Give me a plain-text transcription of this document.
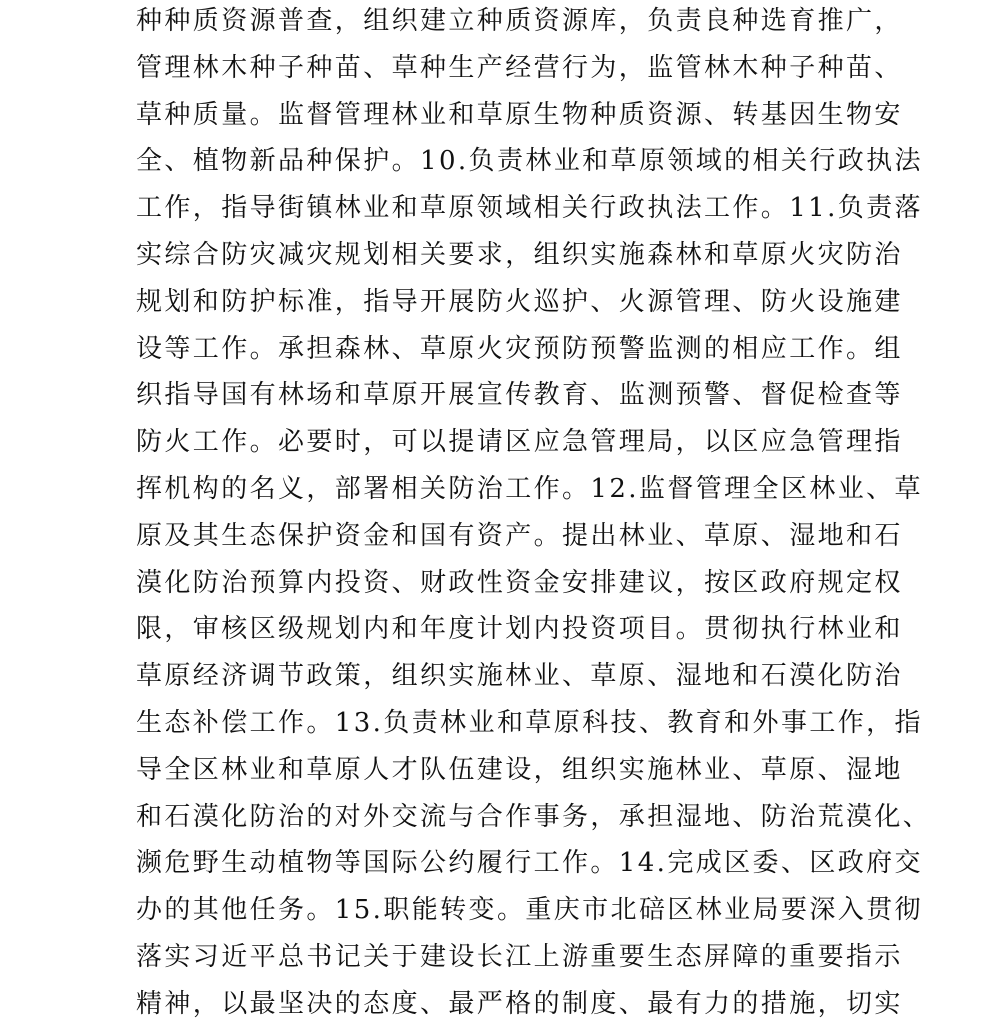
种种质资源普查，组织建立种质资源库，负责良种选育推广，
管理林木种子种苗、草种生产经营行为，监管林木种子种苗、
草种质量。监督管理林业和草原生物种质资源、转基因生物安
全、植物新品种保护。10.负责林业和草原领域的相关行政执法
工作，指导街镇林业和草原领域相关行政执法工作。11.负责落
实综合防灾减灾规划相关要求，组织实施森林和草原火灾防治
规划和防护标准，指导开展防火巡护、火源管理、防火设施建
设等工作。承担森林、草原火灾预防预警监测的相应工作。组
织指导国有林场和草原开展宣传教育、监测预警、督促检查等
防火工作。必要时，可以提请区应急管理局，以区应急管理指
挥机构的名义，部署相关防治工作。12.监督管理全区林业、草
原及其生态保护资金和国有资产。提出林业、草原、湿地和石
漠化防治预算内投资、财政性资金安排建议，按区政府规定权
限，审核区级规划内和年度计划内投资项目。贯彻执行林业和
草原经济调节政策，组织实施林业、草原、湿地和石漠化防治
生态补偿工作。13.负责林业和草原科技、教育和外事工作，指
导全区林业和草原人才队伍建设，组织实施林业、草原、湿地
和石漠化防治的对外交流与合作事务，承担湿地、防治荒漠化、
濒危野生动植物等国际公约履行工作。14.完成区委、区政府交
办的其他任务。15.职能转变。重庆市北碚区林业局要深入贯彻
落实习近平总书记关于建设长江上游重要生态屏障的重要指示
精神，以最坚决的态度、最严格的制度、最有力的措施，切实
